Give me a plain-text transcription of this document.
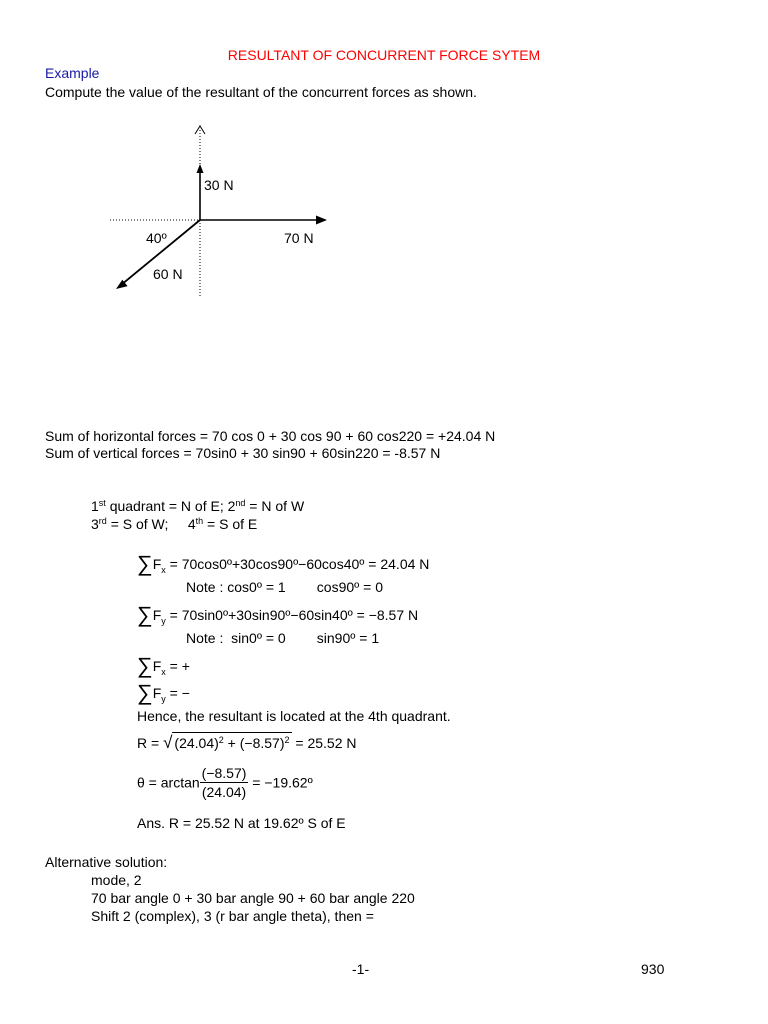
RESULTANT OF CONCURRENT FORCE SYTEM
Example
Compute the value of the resultant of the concurrent forces as shown.
30 N
70 N
40º
60 N
Sum of horizontal forces = 70 cos 0 + 30 cos 90 + 60 cos220 = +24.04 N
Sum of vertical forces = 70sin0 + 30 sin90 + 60sin220 = -8.57 N
1st quadrant = N of E; 2nd = N of W
3rd = S of W;     4th = S of E
$\sum F_x$ = 70cos0º+30cos90º−60cos40º = 24.04 N
Note : cos0º = 1        cos90º = 0
$\sum F_y$ = 70sin0º+30sin90º−60sin40º = −8.57 N
Note :  sin0º = 0        sin90º = 1
$\sum F_x$ = +
$\sum F_y$ = −
Hence, the resultant is located at the 4th quadrant.
R = √ $(24.04)^2 + (-8.57)^2 = 25.52$ N
$\theta = \arctan \frac{(-8.57)}{(24.04)}$ = −19.62º
Ans. R = 25.52 N at 19.62º S of E
Alternative solution:
mode, 2
70 bar angle 0 + 30 bar angle 90 + 60 bar angle 220
Shift 2 (complex), 3 (r bar angle theta), then =
-1-	930
